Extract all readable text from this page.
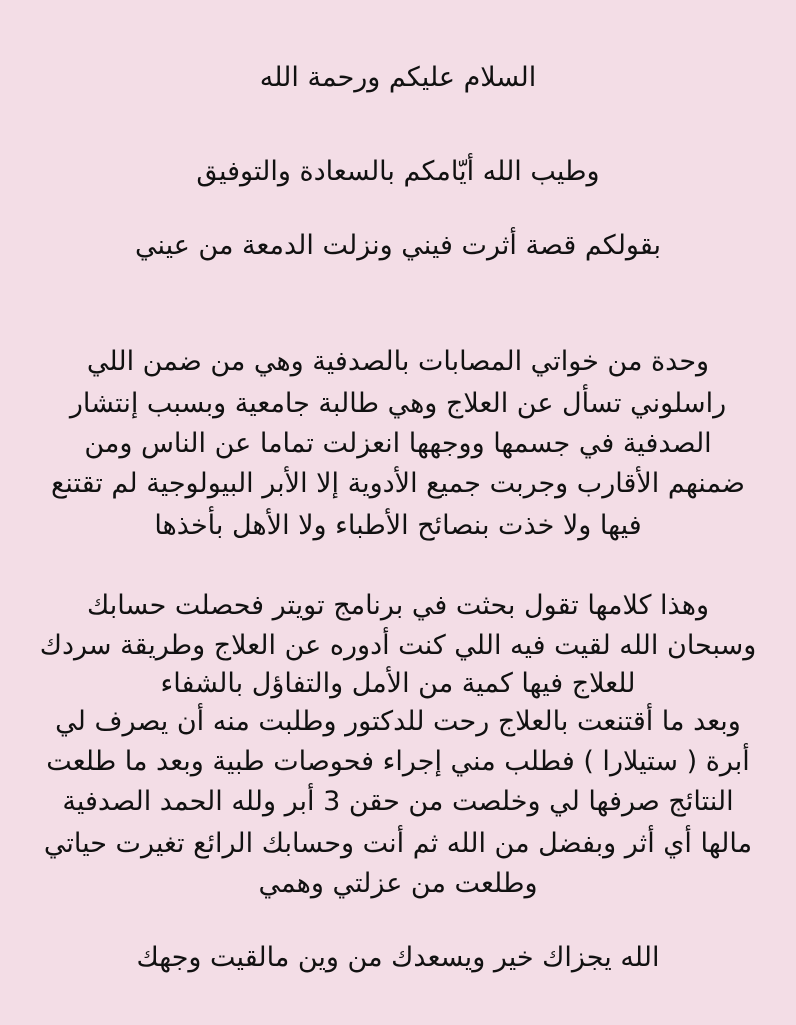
السلام عليكم ورحمة الله
وطيب الله أيّامكم بالسعادة والتوفيق
بقولكم قصة أثرت فيني ونزلت الدمعة من عيني
وحدة من خواتي المصابات بالصدفية وهي من ضمن اللي
راسلوني تسأل عن العلاج وهي طالبة جامعية وبسبب إنتشار
الصدفية في جسمها ووجهها انعزلت تماما عن الناس ومن
ضمنهم الأقارب وجربت جميع الأدوية إلا الأبر البيولوجية لم تقتنع
فيها ولا خذت بنصائح الأطباء ولا الأهل بأخذها
وهذا كلامها تقول بحثت في برنامج تويتر فحصلت حسابك
وسبحان الله لقيت فيه اللي كنت أدوره عن العلاج وطريقة سردك
للعلاج فيها كمية من الأمل والتفاؤل بالشفاء
وبعد ما أقتنعت بالعلاج رحت للدكتور وطلبت منه أن يصرف لي
أبرة ( ستيلارا ) فطلب مني إجراء فحوصات طبية وبعد ما طلعت
النتائج صرفها لي وخلصت من حقن 3 أبر ولله الحمد الصدفية
مالها أي أثر وبفضل من الله ثم أنت وحسابك الرائع تغيرت حياتي
وطلعت من عزلتي وهمي
الله يجزاك خير ويسعدك من وين مالقيت وجهك
